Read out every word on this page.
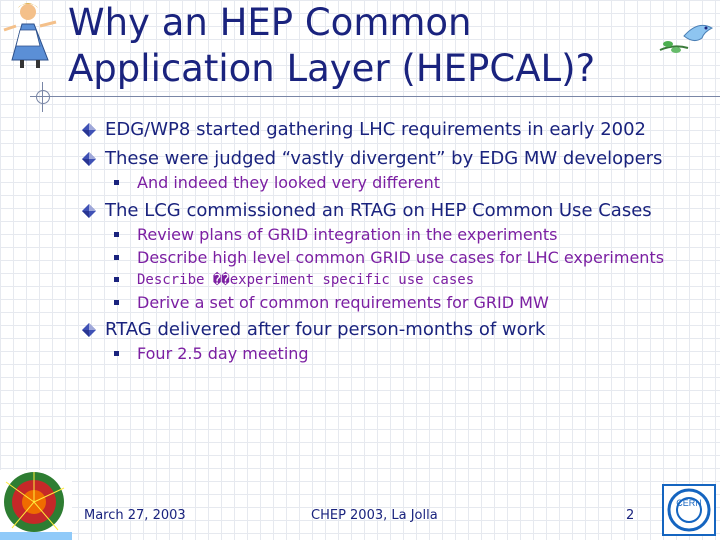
Why an HEP Common
Application Layer (HEPCAL)?
EDG/WP8 started gathering LHC requirements in early 2002
These were judged “vastly divergent” by EDG MW developers
And indeed they looked very different
The LCG commissioned an RTAG on HEP Common Use Cases
Review plans of GRID integration in the experiments
Describe high level common GRID use cases for LHC experiments
Describe ��experiment specific use cases
Derive a set of common requirements for GRID MW
RTAG delivered after four person-months of work
Four 2.5 day meeting
March 27, 2003	CHEP 2003, La Jolla	2
CERN
